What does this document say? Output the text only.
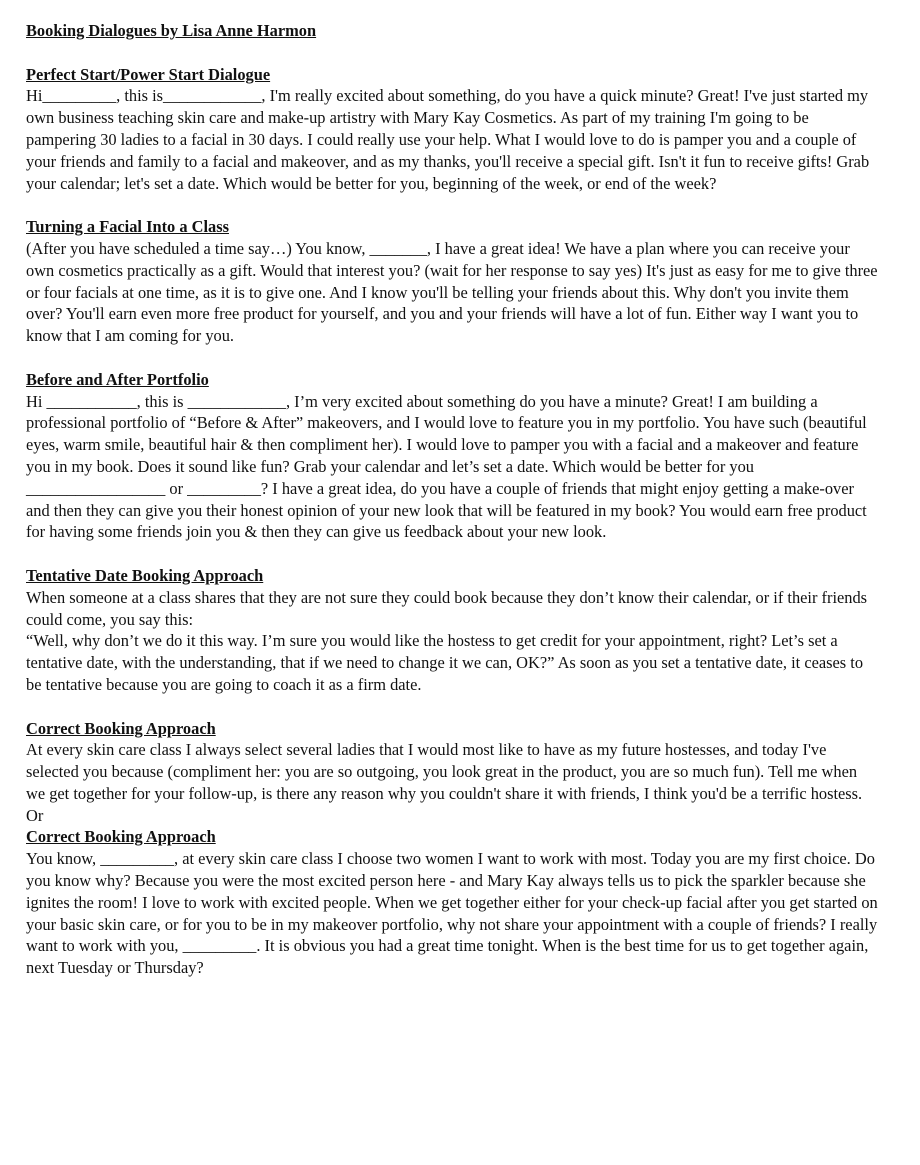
Booking Dialogues by Lisa Anne Harmon

Perfect Start/Power Start Dialogue

Hi_________, this is____________, I'm really excited about something, do you have a quick minute? Great! I've just started my own business teaching skin care and make-up artistry with Mary Kay Cosmetics. As part of my training I'm going to be pampering 30 ladies to a facial in 30 days. I could really use your help. What I would love to do is pamper you and a couple of your friends and family to a facial and makeover, and as my thanks, you'll receive a special gift. Isn't it fun to receive gifts! Grab your calendar; let's set a date. Which would be better for you, beginning of the week, or end of the week?

Turning a Facial Into a Class

(After you have scheduled a time say…) You know, _______, I have a great idea! We have a plan where you can receive your own cosmetics practically as a gift. Would that interest you? (wait for her response to say yes) It's just as easy for me to give three or four facials at one time, as it is to give one. And I know you'll be telling your friends about this. Why don't you invite them over? You'll earn even more free product for yourself, and you and your friends will have a lot of fun. Either way I want you to know that I am coming for you.

Before and After Portfolio

Hi ___________, this is ____________, I’m very excited about something do you have a minute? Great! I am building a professional portfolio of “Before & After” makeovers, and I would love to feature you in my portfolio. You have such (beautiful eyes, warm smile, beautiful hair & then compliment her). I would love to pamper you with a facial and a makeover and feature you in my book. Does it sound like fun? Grab your calendar and let’s set a date. Which would be better for you _________________ or _________? I have a great idea, do you have a couple of friends that might enjoy getting a make-over and then they can give you their honest opinion of your new look that will be featured in my book? You would earn free product for having some friends join you & then they can give us feedback about your new look.

Tentative Date Booking Approach

When someone at a class shares that they are not sure they could book because they don’t know their calendar, or if their friends could come, you say this:

“Well, why don’t we do it this way. I’m sure you would like the hostess to get credit for your appointment, right? Let’s set a tentative date, with the understanding, that if we need to change it we can, OK?” As soon as you set a tentative date, it ceases to be tentative because you are going to coach it as a firm date.

Correct Booking Approach

At every skin care class I always select several ladies that I would most like to have as my future hostesses, and today I've selected you because (compliment her: you are so outgoing, you look great in the product, you are so much fun). Tell me when we get together for your follow-up, is there any reason why you couldn't share it with friends, I think you'd be a terrific hostess.

Or

Correct Booking Approach

You know, _________, at every skin care class I choose two women I want to work with most. Today you are my first choice. Do you know why? Because you were the most excited person here - and Mary Kay always tells us to pick the sparkler because she ignites the room! I love to work with excited people. When we get together either for your check-up facial after you get started on your basic skin care, or for you to be in my makeover portfolio, why not share your appointment with a couple of friends? I really want to work with you, _________. It is obvious you had a great time tonight. When is the best time for us to get together again, next Tuesday or Thursday?
